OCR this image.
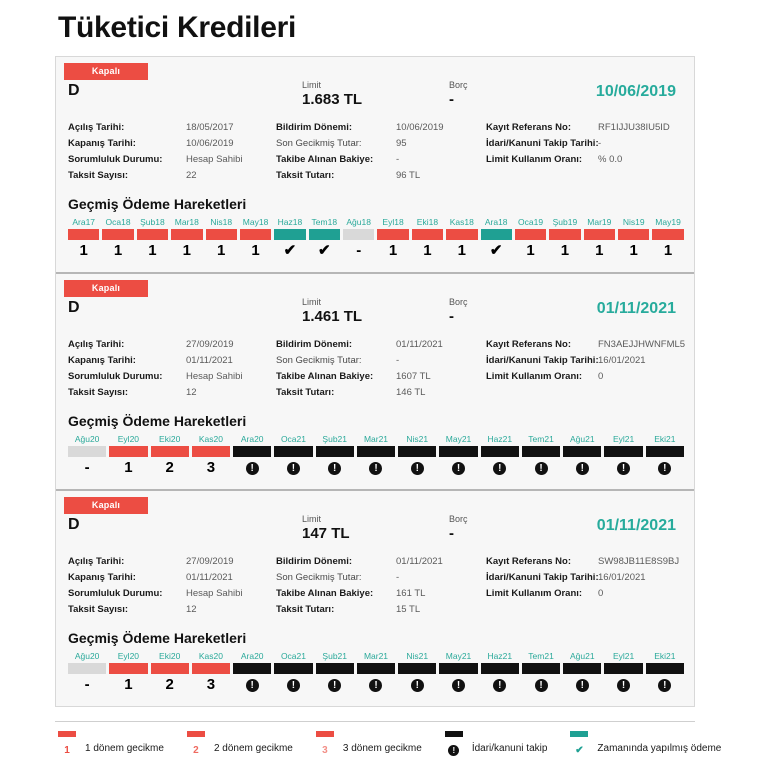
Tüketici Kredileri
Kapalı
D	Limit
1.683 TL
Borç
-	10/06/2019
Açılış Tarihi:	18/05/2017	Bildirim Dönemi:	10/06/2019	Kayıt Referans No:	RF1IJJU38IU5ID
Kapanış Tarihi:	10/06/2019	Son Gecikmiş Tutar:	95	İdari/Kanuni Takip Tarihi: -
Sorumluluk Durumu:	Hesap Sahibi	Takibe Alınan Bakiye:	-	Limit Kullanım Oranı:	% 0.0
Taksit Sayısı:	22	Taksit Tutarı:	96 TL
Geçmiş Ödeme Hareketleri
Ara17
1
Oca18
1
Şub18
1
Mar18
1
Nis18
1
May18
1
Haz18
✔
Tem18
✔
Ağu18
-
Eyl18
1
Eki18
1
Kas18
1
Ara18
✔
Oca19
1
Şub19
1
Mar19
1
Nis19
1
May19
1
Kapalı
D	Limit
1.461 TL
Borç
-	01/11/2021
Açılış Tarihi:	27/09/2019	Bildirim Dönemi:	01/11/2021	Kayıt Referans No:	FN3AEJJHWNFML5
Kapanış Tarihi:	01/11/2021	Son Gecikmiş Tutar:	-	İdari/Kanuni Takip Tarihi: 16/01/2021
Sorumluluk Durumu:	Hesap Sahibi	Takibe Alınan Bakiye:	1607 TL	Limit Kullanım Oranı:	0
Taksit Sayısı:	12	Taksit Tutarı:	146 TL
Geçmiş Ödeme Hareketleri
Ağu20
-
Eyl20
1
Eki20
2
Kas20
3
Ara20
!
Oca21
!
Şub21
!
Mar21
!
Nis21
!
May21
!
Haz21
!
Tem21
!
Ağu21
!
Eyl21
!
Eki21
!
Kapalı
D	Limit
147 TL
Borç
-	01/11/2021
Açılış Tarihi:	27/09/2019	Bildirim Dönemi:	01/11/2021	Kayıt Referans No:	SW98JB11E8S9BJ
Kapanış Tarihi:	01/11/2021	Son Gecikmiş Tutar:	-	İdari/Kanuni Takip Tarihi: 16/01/2021
Sorumluluk Durumu:	Hesap Sahibi	Takibe Alınan Bakiye:	161 TL	Limit Kullanım Oranı:	0
Taksit Sayısı:	12	Taksit Tutarı:	15 TL
Geçmiş Ödeme Hareketleri
Ağu20
-
Eyl20
1
Eki20
2
Kas20
3
Ara20
!
Oca21
!
Şub21
!
Mar21
!
Nis21
!
May21
!
Haz21
!
Tem21
!
Ağu21
!
Eyl21
!
Eki21
!
1	1 dönem gecikme	2	2 dönem gecikme	3	3 dönem gecikme	!	İdari/kanuni takip	✔	Zamanında yapılmış ödeme
